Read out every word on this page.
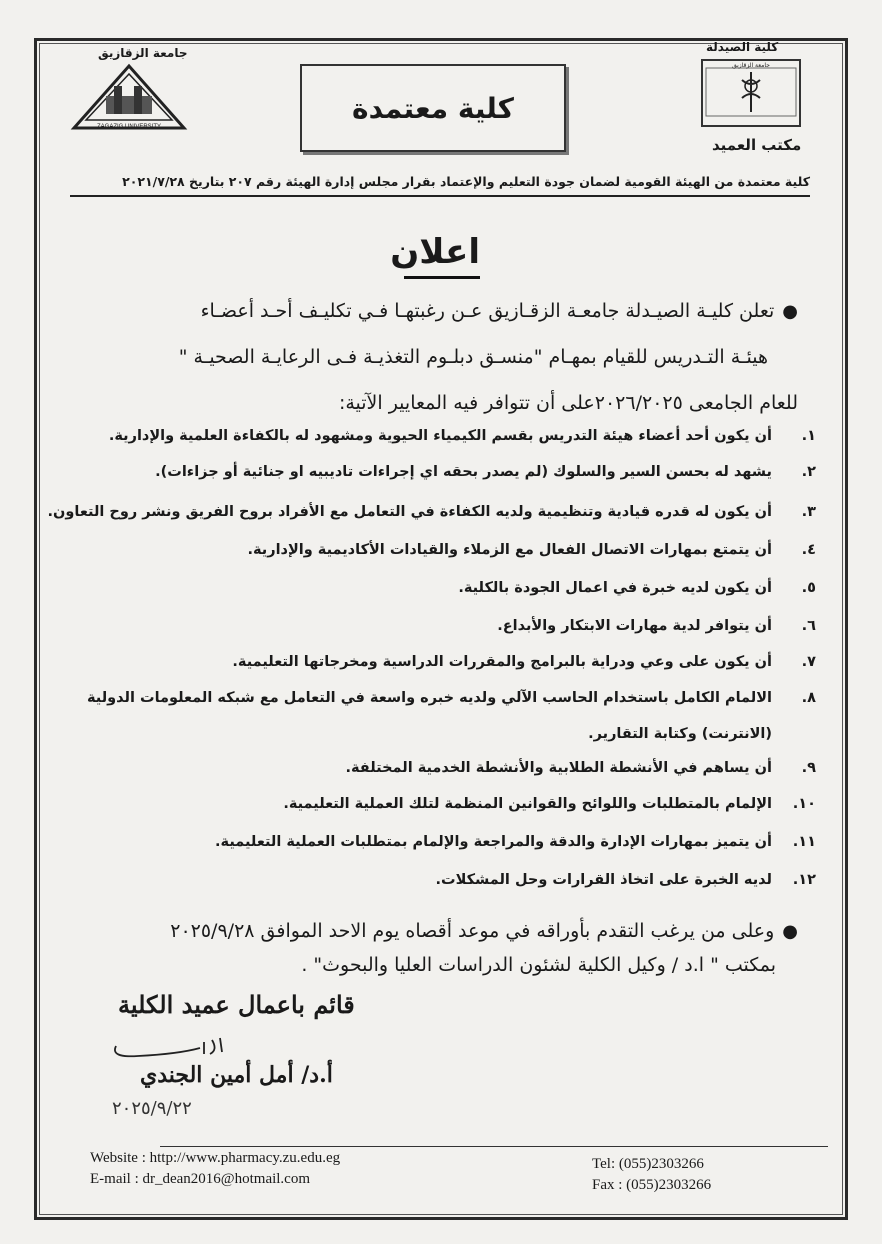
جامعة الزقازيق
ZAGAZIG UNIVERSITY
كلية الصيدلة
جامعة الزقازيق
مكتب العميد
كلية معتمدة
كلية معتمدة من الهيئة القومية لضمان جودة التعليم والإعتماد بقرار مجلس إدارة الهيئة رقم ٢٠٧ بتاريخ ٢٠٢١/٧/٢٨
اعلان
●تعلن كليـة الصيـدلة جامعـة الزقـازيق عـن رغبتهـا فـي تكليـف أحـد أعضـاء
هيئـة التـدريس للقيام بمهـام "منسـق دبلـوم التغذيـة فـى الرعايـة الصحيـة "
للعام الجامعى ٢٠٢٦/٢٠٢٥على أن تتوافر فيه المعايير الآتية:
١.أن يكون أحد أعضاء هيئة التدريس بقسم الكيمياء الحيوية ومشهود له بالكفاءة العلمية والإدارية.
٢.يشهد له بحسن السير والسلوك (لم يصدر بحقه اي إجراءات تاديبيه او جنائية أو جزاءات).
٣.أن يكون له قدره قيادية وتنظيمية ولديه الكفاءة في التعامل مع الأفراد بروح الفريق ونشر روح التعاون.
٤.أن يتمتع بمهارات الاتصال الفعال مع الزملاء والقيادات الأكاديمية والإدارية.
٥.أن يكون لديه خبرة في اعمال الجودة بالكلية.
٦.أن يتوافر لدية مهارات الابتكار والأبداع.
٧.أن يكون على وعي ودراية بالبرامج والمقررات الدراسية ومخرجاتها التعليمية.
٨.الالمام الكامل باستخدام الحاسب الآلي ولديه خبره واسعة في التعامل مع شبكه المعلومات الدولية
(الانترنت) وكتابة التقارير.
٩.أن يساهم في الأنشطة الطلابية والأنشطة الخدمية المختلفة.
١٠.الإلمام بالمتطلبات واللوائح والقوانين المنظمة لتلك العملية التعليمية.
١١.أن يتميز بمهارات الإدارة والدقة والمراجعة والإلمام بمتطلبات العملية التعليمية.
١٢.لديه الخبرة على اتخاذ القرارات وحل المشكلات.
●وعلى من يرغب التقدم بأوراقه في موعد أقصاه يوم الاحد الموافق ٢٠٢٥/٩/٢٨
بمكتب " ا.د / وكيل الكلية لشئون الدراسات العليا والبحوث" .
قائم باعمال عميد الكلية
أ.د/ أمل أمين الجندي
٢٠٢٥/٩/٢٢
Website : http://www.pharmacy.zu.edu.eg
E-mail : dr_dean2016@hotmail.com
Tel: (055)2303266
Fax : (055)2303266
